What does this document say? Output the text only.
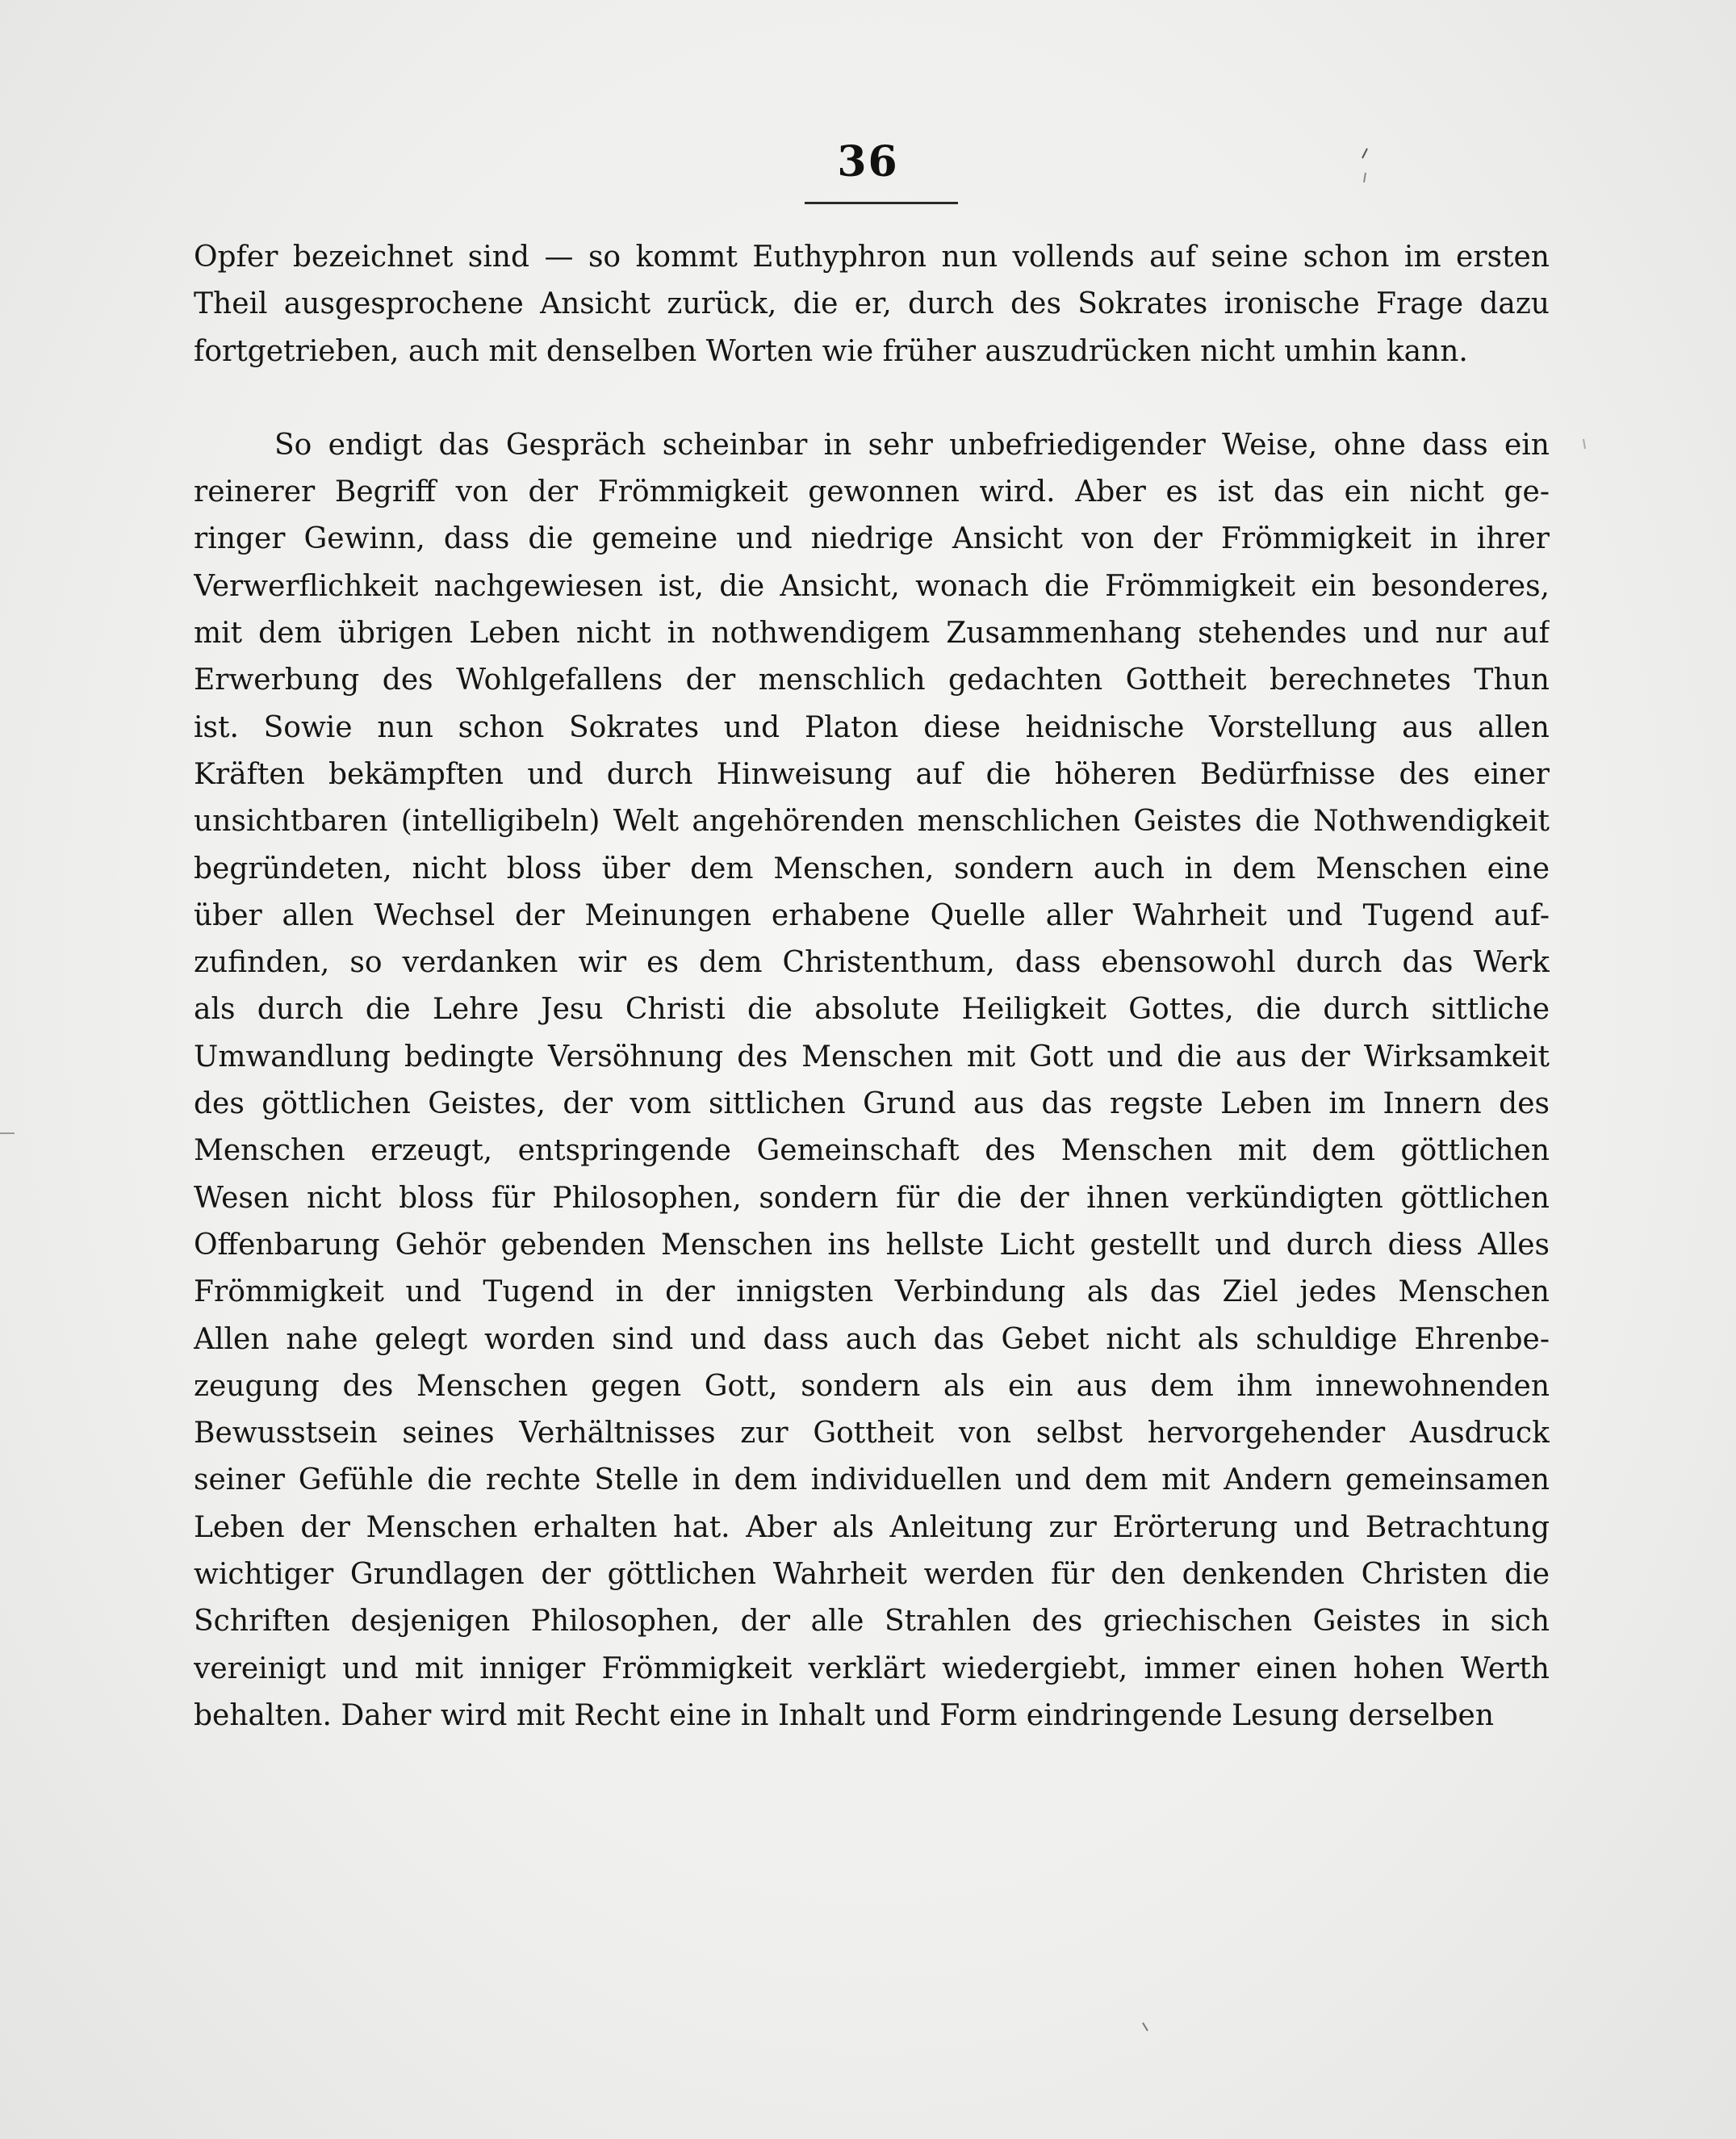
36
Opfer bezeichnet sind — so kommt Euthyphron nun vollends auf seine schon im ersten
Theil ausgesprochene Ansicht zurück, die er, durch des Sokrates ironische Frage dazu
fortgetrieben, auch mit denselben Worten wie früher auszudrücken nicht umhin kann.
So endigt das Gespräch scheinbar in sehr unbefriedigender Weise, ohne dass ein
reinerer Begriff von der Frömmigkeit gewonnen wird. Aber es ist das ein nicht ge-
ringer Gewinn, dass die gemeine und niedrige Ansicht von der Frömmigkeit in ihrer
Verwerflichkeit nachgewiesen ist, die Ansicht, wonach die Frömmigkeit ein besonderes,
mit dem übrigen Leben nicht in nothwendigem Zusammenhang stehendes und nur auf
Erwerbung des Wohlgefallens der menschlich gedachten Gottheit berechnetes Thun
ist. Sowie nun schon Sokrates und Platon diese heidnische Vorstellung aus allen
Kräften bekämpften und durch Hinweisung auf die höheren Bedürfnisse des einer
unsichtbaren (intelligibeln) Welt angehörenden menschlichen Geistes die Nothwendigkeit
begründeten, nicht bloss über dem Menschen, sondern auch in dem Menschen eine
über allen Wechsel der Meinungen erhabene Quelle aller Wahrheit und Tugend auf-
zufinden, so verdanken wir es dem Christenthum, dass ebensowohl durch das Werk
als durch die Lehre Jesu Christi die absolute Heiligkeit Gottes, die durch sittliche
Umwandlung bedingte Versöhnung des Menschen mit Gott und die aus der Wirksamkeit
des göttlichen Geistes, der vom sittlichen Grund aus das regste Leben im Innern des
Menschen erzeugt, entspringende Gemeinschaft des Menschen mit dem göttlichen
Wesen nicht bloss für Philosophen, sondern für die der ihnen verkündigten göttlichen
Offenbarung Gehör gebenden Menschen ins hellste Licht gestellt und durch diess Alles
Frömmigkeit und Tugend in der innigsten Verbindung als das Ziel jedes Menschen
Allen nahe gelegt worden sind und dass auch das Gebet nicht als schuldige Ehrenbe-
zeugung des Menschen gegen Gott, sondern als ein aus dem ihm innewohnenden
Bewusstsein seines Verhältnisses zur Gottheit von selbst hervorgehender Ausdruck
seiner Gefühle die rechte Stelle in dem individuellen und dem mit Andern gemeinsamen
Leben der Menschen erhalten hat. Aber als Anleitung zur Erörterung und Betrachtung
wichtiger Grundlagen der göttlichen Wahrheit werden für den denkenden Christen die
Schriften desjenigen Philosophen, der alle Strahlen des griechischen Geistes in sich
vereinigt und mit inniger Frömmigkeit verklärt wiedergiebt, immer einen hohen Werth
behalten. Daher wird mit Recht eine in Inhalt und Form eindringende Lesung derselben
